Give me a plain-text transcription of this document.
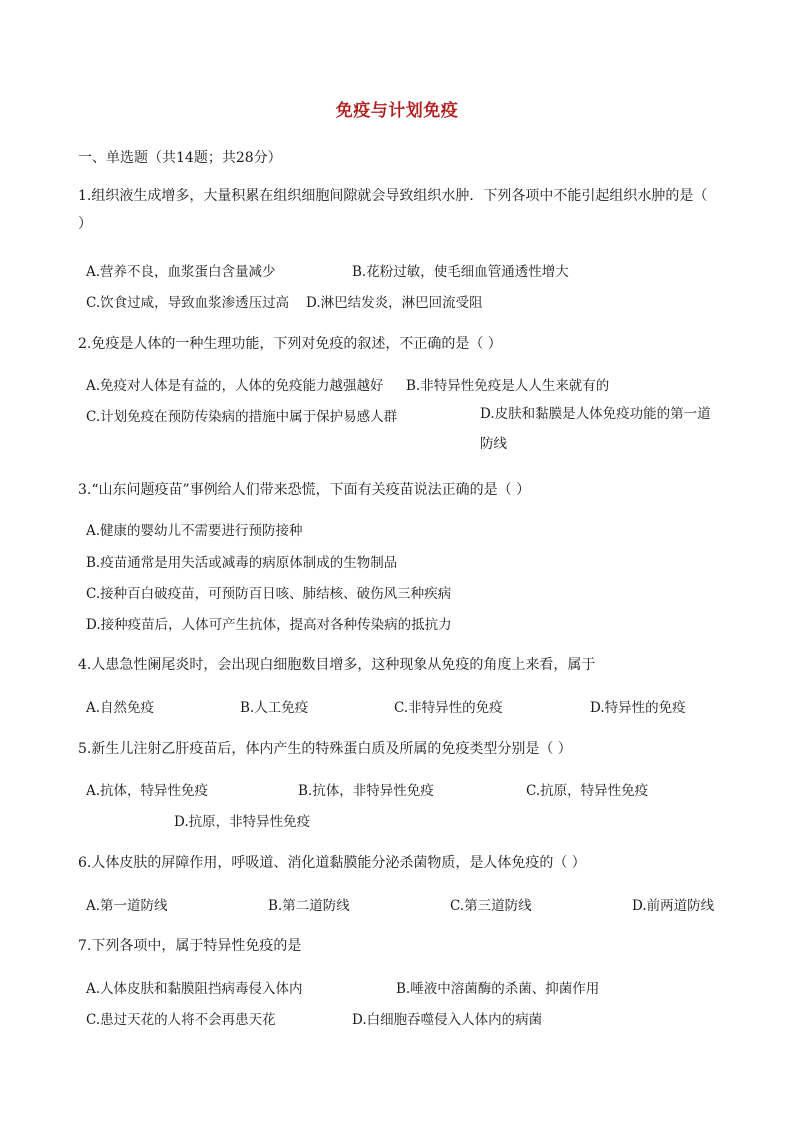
免疫与计划免疫
一、单选题（共14题；共28分）
1.组织液生成增多，大量积累在组织细胞间隙就会导致组织水肿．下列各项中不能引起组织水肿的是（ ）
A.营养不良，血浆蛋白含量减少	B.花粉过敏，使毛细血管通透性增大
C.饮食过咸，导致血浆渗透压过高 D.淋巴结发炎，淋巴回流受阻
2.免疫是人体的一种生理功能，下列对免疫的叙述，不正确的是（ ）
A.免疫对人体是有益的，人体的免疫能力越强越好 B.非特异性免疫是人人生来就有的
C.计划免疫在预防传染病的措施中属于保护易感人群	D.皮肤和黏膜是人体免疫功能的第一道防线
3.“山东问题疫苗”事例给人们带来恐慌，下面有关疫苗说法正确的是（ ）
A.健康的婴幼儿不需要进行预防接种
B.疫苗通常是用失活或减毒的病原体制成的生物制品
C.接种百白破疫苗，可预防百日咳、肺结核、破伤风三种疾病
D.接种疫苗后，人体可产生抗体，提高对各种传染病的抵抗力
4.人患急性阑尾炎时，会出现白细胞数目增多，这种现象从免疫的角度上来看，属于
A.自然免疫	B.人工免疫	C.非特异性的免疫	D.特异性的免疫
5.新生儿注射乙肝疫苗后，体内产生的特殊蛋白质及所属的免疫类型分别是（ ）
A.抗体，特异性免疫	B.抗体，非特异性免疫	C.抗原，特异性免疫
D.抗原，非特异性免疫
6.人体皮肤的屏障作用，呼吸道、消化道黏膜能分泌杀菌物质，是人体免疫的（ ）
A.第一道防线	B.第二道防线	C.第三道防线	D.前两道防线
7.下列各项中，属于特异性免疫的是
A.人体皮肤和黏膜阻挡病毒侵入体内	B.唾液中溶菌酶的杀菌、抑菌作用
C.患过天花的人将不会再患天花	D.白细胞吞噬侵入人体内的病菌
